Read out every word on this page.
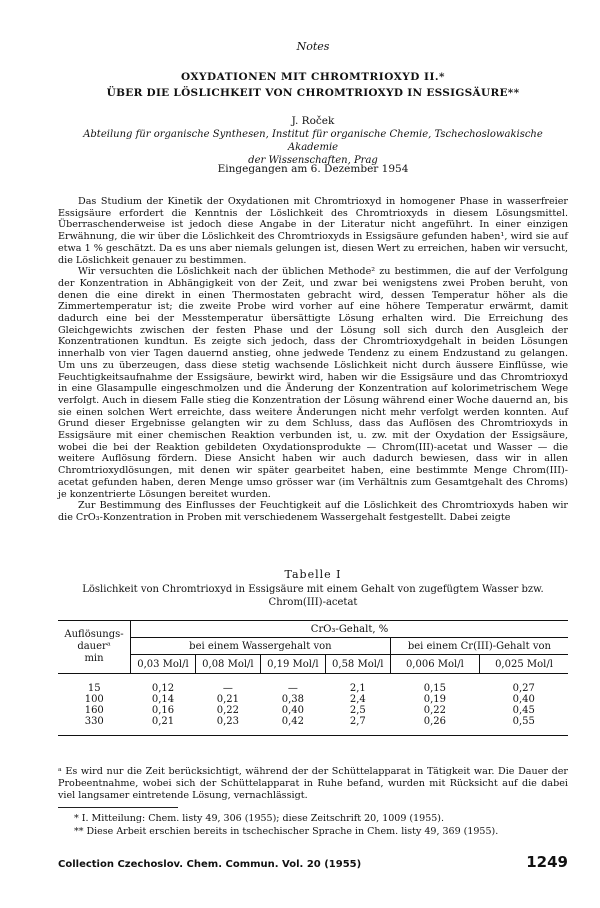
Notes
OXYDATIONEN MIT CHROMTRIOXYD II.*
ÜBER DIE LÖSLICHKEIT VON CHROMTRIOXYD IN ESSIGSÄURE**
J. Roček
Abteilung für organische Synthesen, Institut für organische Chemie, Tschechoslowakische Akademie
der Wissenschaften, Prag
Eingegangen am 6. Dezember 1954

Das Studium der Kinetik der Oxydationen mit Chromtrioxyd in homogener Phase in wasserfreier Essigsäure erfordert die Kenntnis der Löslichkeit des Chromtrioxyds in diesem Lösungsmittel. Überraschenderweise ist jedoch diese Angabe in der Literatur nicht angeführt. In einer einzigen Erwähnung, die wir über die Löslichkeit des Chromtrioxyds in Essigsäure gefunden haben¹, wird sie auf etwa 1 % geschätzt. Da es uns aber niemals gelungen ist, diesen Wert zu erreichen, haben wir versucht, die Löslichkeit genauer zu bestimmen.

Wir versuchten die Löslichkeit nach der üblichen Methode² zu bestimmen, die auf der Verfolgung der Konzentration in Abhängigkeit von der Zeit, und zwar bei wenigstens zwei Proben beruht, von denen die eine direkt in einen Thermostaten gebracht wird, dessen Temperatur höher als die Zimmertemperatur ist; die zweite Probe wird vorher auf eine höhere Temperatur erwärmt, damit dadurch eine bei der Messtemperatur übersättigte Lösung erhalten wird. Die Erreichung des Gleichgewichts zwischen der festen Phase und der Lösung soll sich durch den Ausgleich der Konzentrationen kundtun. Es zeigte sich jedoch, dass der Chromtrioxydgehalt in beiden Lösungen innerhalb von vier Tagen dauernd anstieg, ohne jedwede Tendenz zu einem Endzustand zu gelangen. Um uns zu überzeugen, dass diese stetig wachsende Löslichkeit nicht durch äussere Einflüsse, wie Feuchtigkeitsaufnahme der Essigsäure, bewirkt wird, haben wir die Essigsäure und das Chromtrioxyd in eine Glasampulle eingeschmolzen und die Änderung der Konzentration auf kolorimetrischem Wege verfolgt. Auch in diesem Falle stieg die Konzentration der Lösung während einer Woche dauernd an, bis sie einen solchen Wert erreichte, dass weitere Änderungen nicht mehr verfolgt werden konnten. Auf Grund dieser Ergebnisse gelangten wir zu dem Schluss, dass das Auflösen des Chromtrioxyds in Essigsäure mit einer chemischen Reaktion verbunden ist, u. zw. mit der Oxydation der Essigsäure, wobei die bei der Reaktion gebildeten Oxydationsprodukte — Chrom(III)-acetat und Wasser — die weitere Auflösung fördern. Diese Ansicht haben wir auch dadurch bewiesen, dass wir in allen Chromtrioxydlösungen, mit denen wir später gearbeitet haben, eine bestimmte Menge Chrom(III)-acetat gefunden haben, deren Menge umso grösser war (im Verhältnis zum Gesamtgehalt des Chroms) je konzentrierte Lösungen bereitet wurden.

Zur Bestimmung des Einflusses der Feuchtigkeit auf die Löslichkeit des Chromtrioxyds haben wir die CrO₃-Konzentration in Proben mit verschiedenem Wassergehalt festgestellt. Dabei zeigte

Tabelle I
Löslichkeit von Chromtrioxyd in Essigsäure mit einem Gehalt von zugefügtem Wasser bzw.
Chrom(III)-acetat
Auflösungs-
dauerᵃ
min	CrO₃-Gehalt, %					
	bei einem Wassergehalt von				bei einem Cr(III)-Gehalt von	
	0,03 Mol/l	0,08 Mol/l	0,19 Mol/l	0,58 Mol/l	0,006 Mol/l	0,025 Mol/l

15	0,12	—	—	2,1	0,15	0,27
100	0,14	0,21	0,38	2,4	0,19	0,40
160	0,16	0,22	0,40	2,5	0,22	0,45
330	0,21	0,23	0,42	2,7	0,26	0,55
ᵃ Es wird nur die Zeit berücksichtigt, während der der Schüttelapparat in Tätigkeit war. Die Dauer der Probeentnahme, wobei sich der Schüttelapparat in Ruhe befand, wurden mit Rücksicht auf die dabei viel langsamer eintretende Lösung, vernachlässigt.
* I. Mitteilung: Chem. listy 49, 306 (1955); diese Zeitschrift 20, 1009 (1955).
** Diese Arbeit erschien bereits in tschechischer Sprache in Chem. listy 49, 369 (1955).
Collection Czechoslov. Chem. Commun. Vol. 20 (1955)	1249
